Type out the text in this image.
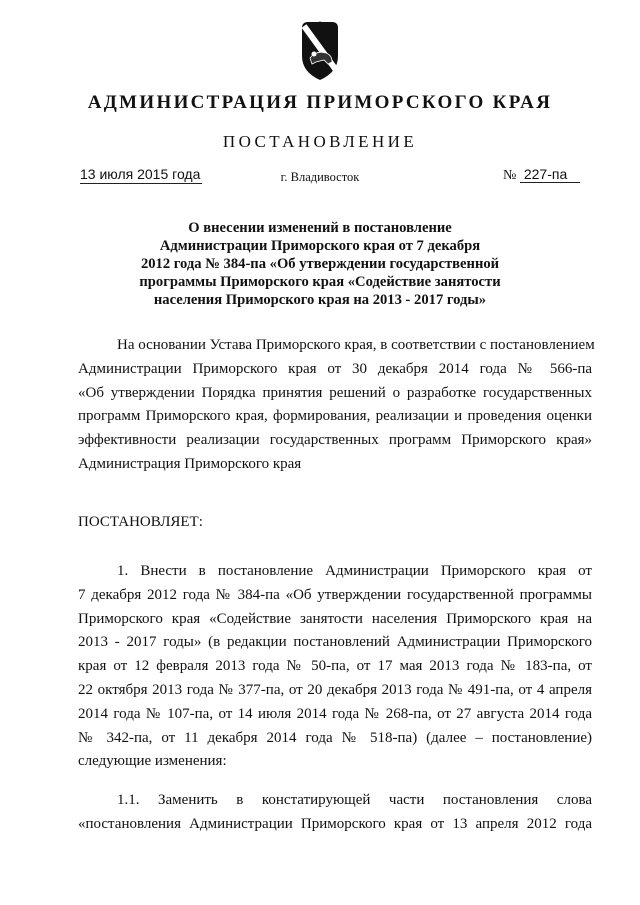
АДМИНИСТРАЦИЯ ПРИМОРСКОГО КРАЯ
ПОСТАНОВЛЕНИЕ
13 июля 2015 года	г. Владивосток	№ 227-па
О внесении изменений в постановление
Администрации Приморского края от 7 декабря
2012 года № 384-па «Об утверждении государственной
программы Приморского края «Содействие занятости
населения Приморского края на 2013 - 2017 годы»
На основании Устава Приморского края, в соответствии с постановлением
Администрации Приморского края от 30 декабря 2014 года № 566-па
«Об утверждении Порядка принятия решений о разработке государственных
программ Приморского края, формирования, реализации и проведения оценки
эффективности реализации государственных программ Приморского края»
Администрация Приморского края
ПОСТАНОВЛЯЕТ:
1. Внести в постановление Администрации Приморского края от
7 декабря 2012 года № 384-па «Об утверждении государственной программы
Приморского края «Содействие занятости населения Приморского края на
2013 - 2017 годы» (в редакции постановлений Администрации Приморского
края от 12 февраля 2013 года № 50-па, от 17 мая 2013 года № 183-па, от
22 октября 2013 года № 377-па, от 20 декабря 2013 года № 491-па, от 4 апреля
2014 года № 107-па, от 14 июля 2014 года № 268-па, от 27 августа 2014 года
№ 342-па, от 11 декабря 2014 года № 518-па) (далее – постановление)
следующие изменения:
1.1. Заменить в констатирующей части постановления слова
«постановления Администрации Приморского края от 13 апреля 2012 года
